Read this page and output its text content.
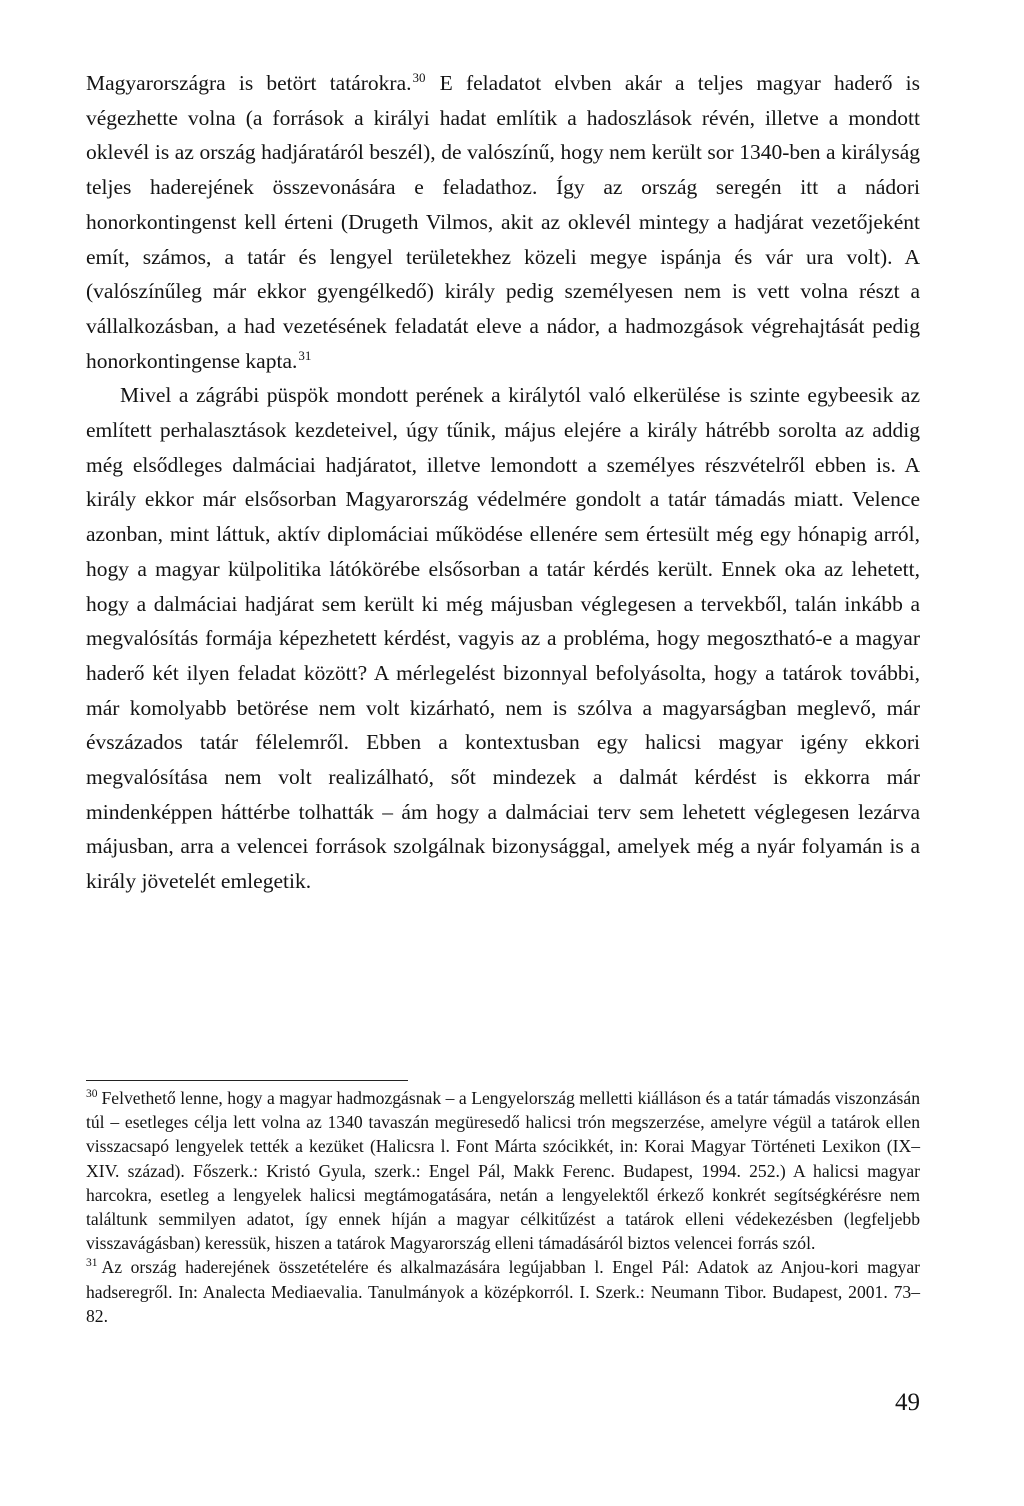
Magyarországra is betört tatárokra.$^{30}$ E feladatot elvben akár a teljes magyar haderő is végezhette volna (a források a királyi hadat említik a hadoszlások révén, illetve a mondott oklevél is az ország hadjáratáról beszél), de valószínű, hogy nem került sor 1340-ben a királyság teljes haderejének összevonására e feladathoz. Így az ország seregén itt a nádori honorkontingenst kell érteni (Drugeth Vilmos, akit az oklevél mintegy a hadjárat vezetőjeként emít, számos, a tatár és lengyel területekhez közeli megye ispánja és vár ura volt). A (valószínűleg már ekkor gyengélkedő) király pedig személyesen nem is vett volna részt a vállalkozásban, a had vezetésének feladatát eleve a nádor, a hadmozgások végrehajtását pedig honorkontingense kapta.$^{31}$

Mivel a zágrábi püspök mondott perének a királytól való elkerülése is szinte egybeesik az említett perhalasztások kezdeteivel, úgy tűnik, május elejére a király hátrébb sorolta az addig még elsődleges dalmáciai hadjáratot, illetve lemondott a személyes részvételről ebben is. A király ekkor már elsősorban Magyarország védelmére gondolt a tatár támadás miatt. Velence azonban, mint láttuk, aktív diplomáciai működése ellenére sem értesült még egy hónapig arról, hogy a magyar külpolitika látókörébe elsősorban a tatár kérdés került. Ennek oka az lehetett, hogy a dalmáciai hadjárat sem került ki még májusban véglegesen a tervekből, talán inkább a megvalósítás formája képezhetett kérdést, vagyis az a probléma, hogy megosztható-e a magyar haderő két ilyen feladat között? A mérlegelést bizonnyal befolyásolta, hogy a tatárok további, már komolyabb betörése nem volt kizárható, nem is szólva a magyarságban meglevő, már évszázados tatár félelemről. Ebben a kontextusban egy halicsi magyar igény ekkori megvalósítása nem volt realizálható, sőt mindezek a dalmát kérdést is ekkorra már mindenképpen háttérbe tolhatták – ám hogy a dalmáciai terv sem lehetett véglegesen lezárva májusban, arra a velencei források szolgálnak bizonysággal, amelyek még a nyár folyamán is a király jövetelét emlegetik.

$^{30}$ Felvethető lenne, hogy a magyar hadmozgásnak – a Lengyelország melletti kiálláson és a tatár támadás viszonzásán túl – esetleges célja lett volna az 1340 tavaszán megüresedő halicsi trón megszerzése, amelyre végül a tatárok ellen visszacsapó lengyelek tették a kezüket (Halicsra l. Font Márta szócikkét, in: Korai Magyar Történeti Lexikon (IX–XIV. század). Főszerk.: Kristó Gyula, szerk.: Engel Pál, Makk Ferenc. Budapest, 1994. 252.) A halicsi magyar harcokra, esetleg a lengyelek halicsi megtámogatására, netán a lengyelektől érkező konkrét segítségkérésre nem találtunk semmilyen adatot, így ennek híján a magyar célkitűzést a tatárok elleni védekezésben (legfeljebb visszavágásban) keressük, hiszen a tatárok Magyarország elleni támadásáról biztos velencei forrás szól.

$^{31}$ Az ország haderejének összetételére és alkalmazására legújabban l. Engel Pál: Adatok az Anjou-kori magyar hadseregről. In: Analecta Mediaevalia. Tanulmányok a középkorról. I. Szerk.: Neumann Tibor. Budapest, 2001. 73–82.

49
